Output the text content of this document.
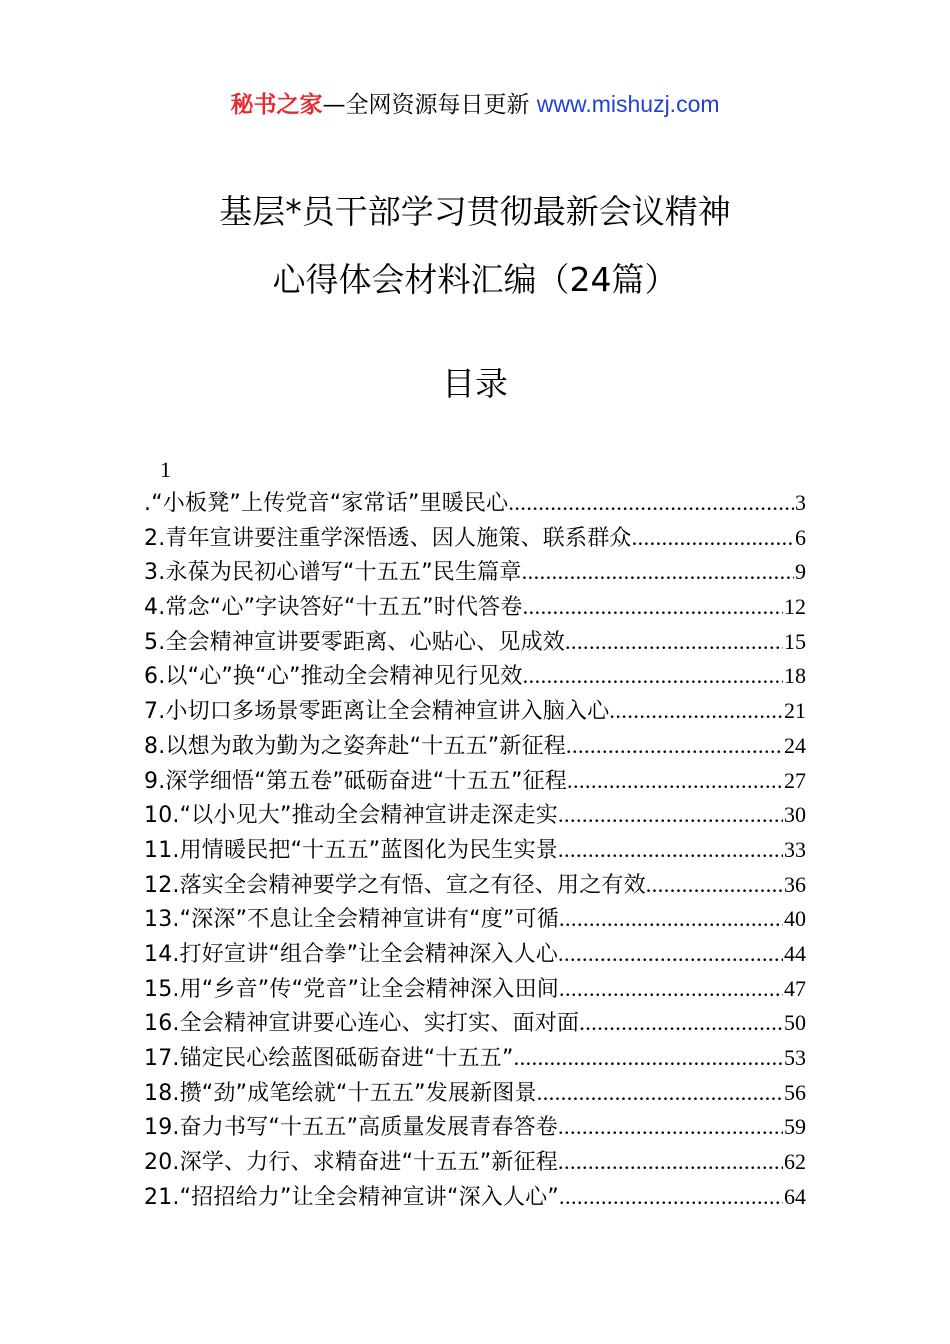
秘书之家—全网资源每日更新 www.mishuzj.com
基层*员干部学习贯彻最新会议精神
心得体会材料汇编（24篇）
目录
1
.“小板凳”上传党音“家常话”里暖民心 .....	3
2.青年宣讲要注重学深悟透、因人施策、联系群众 .....	6
3.永葆为民初心谱写“十五五”民生篇章 .....	9
4.常念“心”字诀答好“十五五”时代答卷 .....	12
5.全会精神宣讲要零距离、心贴心、见成效 .....	15
6.以“心”换“心”推动全会精神见行见效 .....	18
7.小切口多场景零距离让全会精神宣讲入脑入心 .....	21
8.以想为敢为勤为之姿奔赴“十五五”新征程 .....	24
9.深学细悟“第五卷”砥砺奋进“十五五”征程 .....	27
10.“以小见大”推动全会精神宣讲走深走实 .....	30
11.用情暖民把“十五五”蓝图化为民生实景 .....	33
12.落实全会精神要学之有悟、宣之有径、用之有效 .....	36
13.“深深”不息让全会精神宣讲有“度”可循 .....	40
14.打好宣讲“组合拳”让全会精神深入人心 .....	44
15.用“乡音”传“党音”让全会精神深入田间 .....	47
16.全会精神宣讲要心连心、实打实、面对面 .....	50
17.锚定民心绘蓝图砥砺奋进“十五五” .....	53
18.攒“劲”成笔绘就“十五五”发展新图景 .....	56
19.奋力书写“十五五”高质量发展青春答卷 .....	59
20.深学、力行、求精奋进“十五五”新征程 .....	62
21.“招招给力”让全会精神宣讲“深入人心” .....	64
